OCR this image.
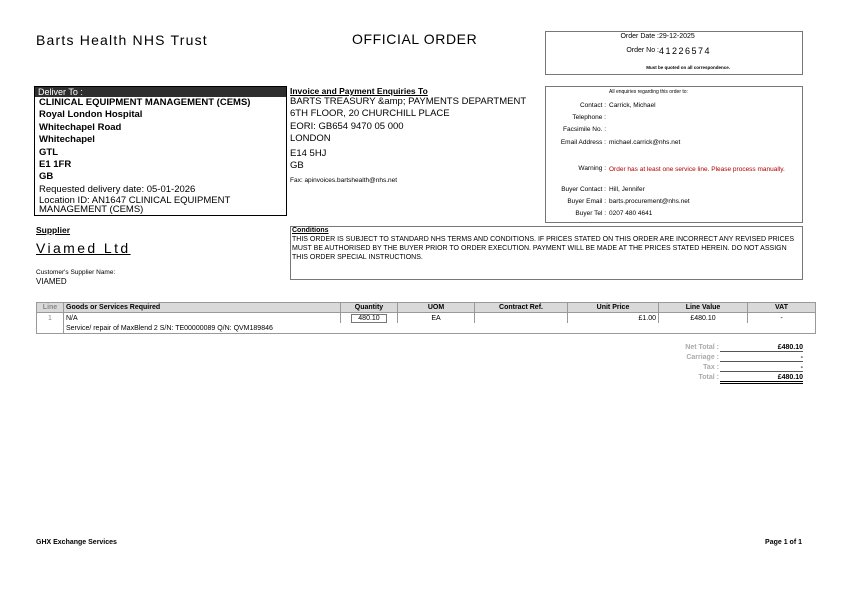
Barts Health NHS Trust	OFFICIAL ORDER	Order Date : 29-12-2025
Order No : 41226574
Must be quoted on all correspondence.
Deliver To :
CLINICAL EQUIPMENT MANAGEMENT (CEMS)
Royal London Hospital
Whitechapel Road
Whitechapel
GTL
E1 1FR
GB
Requested delivery date: 05-01-2026
Location ID: AN1647 CLINICAL EQUIPMENT MANAGEMENT (CEMS)
Invoice and Payment Enquiries To
BARTS TREASURY &amp; PAYMENTS DEPARTMENT
6TH FLOOR, 20 CHURCHILL PLACE
EORI: GB654 9470 05 000
LONDON
E14 5HJ
GB
Fax: apinvoices.bartshealth@nhs.net
All enquiries regarding this order to:
Contact : Carrick, Michael
Telephone :
Facsimile No. :
Email Address : michael.carrick@nhs.net
Warning : Order has at least one service line. Please process manually.
Buyer Contact : Hill, Jennifer
Buyer Email : barts.procurement@nhs.net
Buyer Tel : 0207 480 4641
Supplier
Viamed Ltd
Customer's Supplier Name:
VIAMED
Conditions
THIS ORDER IS SUBJECT TO STANDARD NHS TERMS AND CONDITIONS. IF PRICES STATED ON THIS ORDER ARE INCORRECT ANY REVISED PRICES MUST BE AUTHORISED BY THE BUYER PRIOR TO ORDER EXECUTION. PAYMENT WILL BE MADE AT THE PRICES STATED HEREIN. DO NOT ASSIGN THIS ORDER SPECIAL INSTRUCTIONS.
Line	Goods or Services Required	Quantity	UOM	Contract Ref.	Unit Price	Line Value	VAT
1	N/A	480.10	EA		£1.00	£480.10	-
	Service/ repair of MaxBlend 2 S/N: TE00000089 Q/N: QVM189846						
Net Total :	£480.10
Carriage :	-
Tax :	-
Total :	£480.10
GHX Exchange Services	Page 1 of 1
